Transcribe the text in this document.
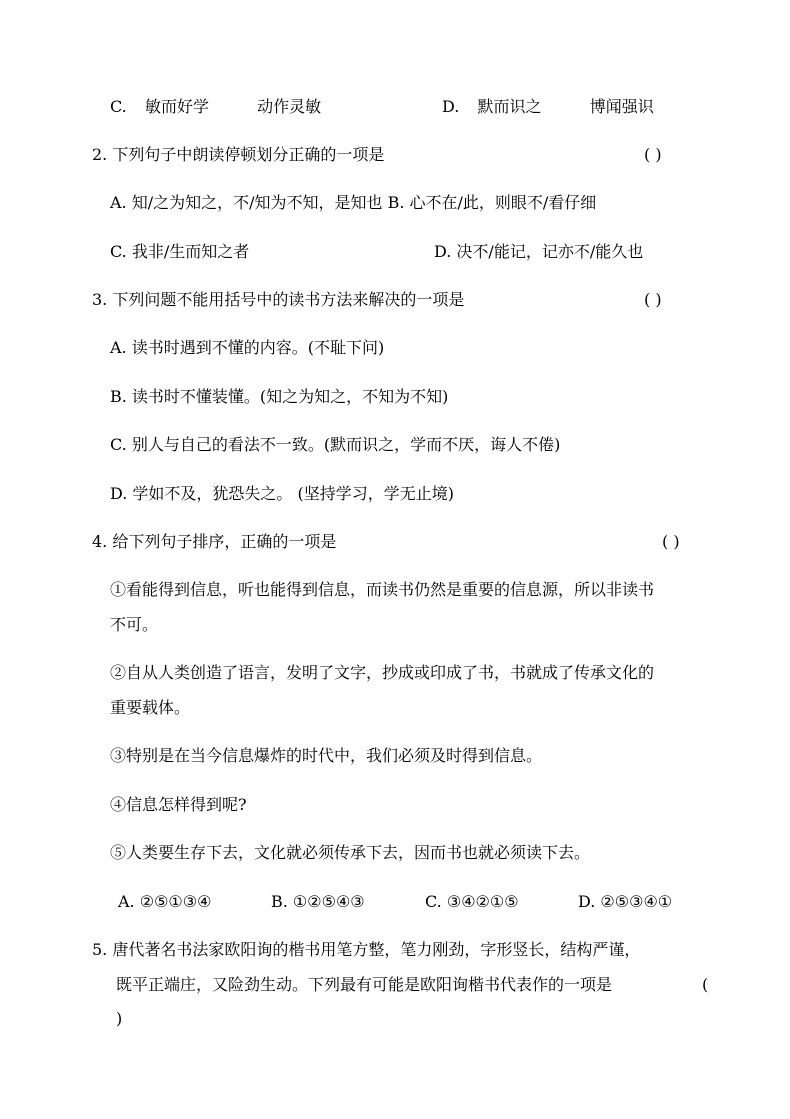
C. 敏而好学	动作灵敏	D. 默而识之	博闻强识
2. 下列句子中朗读停顿划分正确的一项是	( )
A. 知/之为知之，不/知为不知，是知也 B. 心不在/此，则眼不/看仔细
C. 我非/生而知之者	D. 决不/能记，记亦不/能久也
3. 下列问题不能用括号中的读书方法来解决的一项是	( )
A. 读书时遇到不懂的内容。(不耻下问)
B. 读书时不懂装懂。(知之为知之，不知为不知)
C. 别人与自己的看法不一致。(默而识之，学而不厌，诲人不倦)
D. 学如不及，犹恐失之。 (坚持学习，学无止境)
4. 给下列句子排序，正确的一项是	( )
①看能得到信息，听也能得到信息，而读书仍然是重要的信息源，所以非读书
不可。
②自从人类创造了语言，发明了文字，抄成或印成了书，书就成了传承文化的
重要载体。
③特别是在当今信息爆炸的时代中，我们必须及时得到信息。
④信息怎样得到呢?
⑤人类要生存下去，文化就必须传承下去，因而书也就必须读下去。
A. ②⑤①③④	B. ①②⑤④③	C. ③④②①⑤	D. ②⑤③④①
5. 唐代著名书法家欧阳询的楷书用笔方整，笔力刚劲，字形竖长，结构严谨，
既平正端庄，又险劲生动。下列最有可能是欧阳询楷书代表作的一项是	(
)
